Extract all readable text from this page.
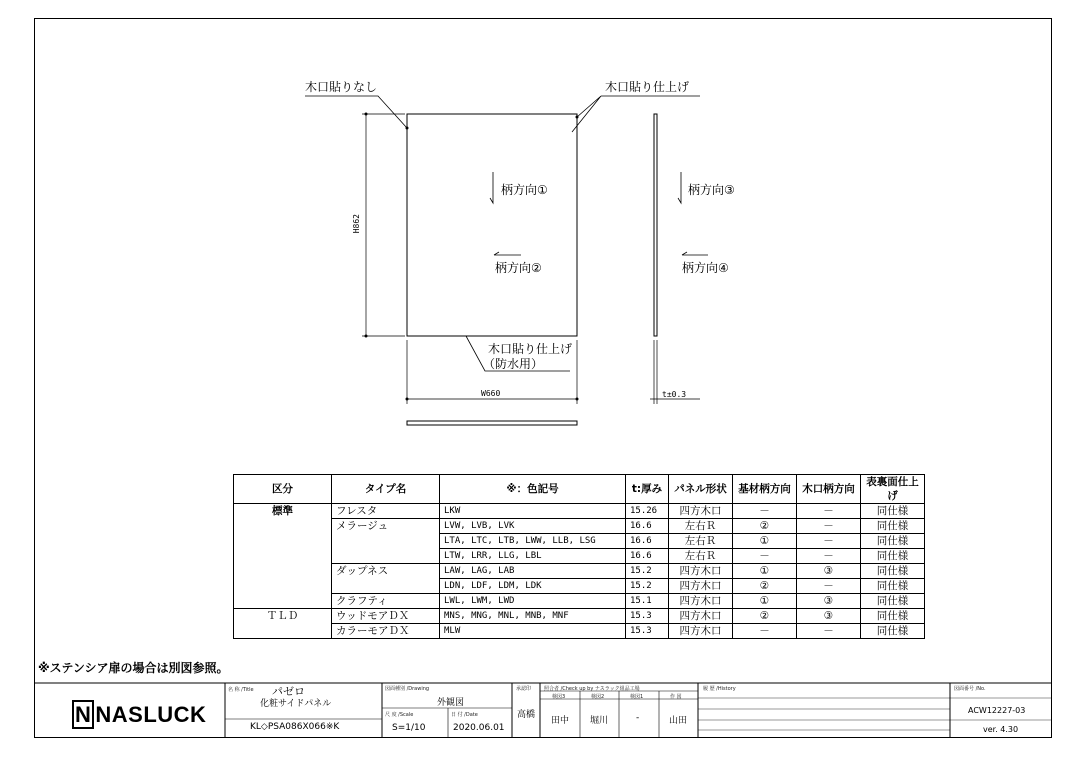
木口貼りなし	木口貼り仕上げ
木口貼り仕上げ
（防水用）
柄方向①
柄方向②
柄方向③
柄方向④
H862
W660	t±0.3
区分	タイプ名	※：色記号	t:厚み	パネル形状	基材柄方向	木口柄方向	表裏面仕上げ
標準	フレスタ	LKW	15.26	四方木口	－	－	同仕様
	メラージュ	LVW, LVB, LVK	16.6	左右Ｒ	②	－	同仕様
		LTA, LTC, LTB, LWW, LLB, LSG	16.6	左右Ｒ	①	－	同仕様
		LTW, LRR, LLG, LBL	16.6	左右Ｒ	－	－	同仕様
	ダップネス	LAW, LAG, LAB	15.2	四方木口	①	③	同仕様
		LDN, LDF, LDM, LDK	15.2	四方木口	②	－	同仕様
	クラフティ	LWL, LWM, LWD	15.1	四方木口	①	③	同仕様
ＴＬＤ	ウッドモアＤＸ	MNS, MNG, MNL, MNB, MNF	15.3	四方木口	②	③	同仕様
	カラーモアＤＸ	MLW	15.3	四方木口	－	－	同仕様
※ステンシア扉の場合は別図参照。
N NASLUCK
名 称 /Title パゼロ
化粧サイドパネル
KL◇PSA086X066※K
図面種別 /Drawing
外観図
尺 度 /Scale
S=1/10
日 付 /Date
2020.06.01
承認印
高橋
照合者 /Check up by ナスラック組品工場
検図3	検図2	検図1	作 図
田中 堀川	-	山田
履 歴 /History	図面番号 /No.
ACW12227-03
ver. 4.30
